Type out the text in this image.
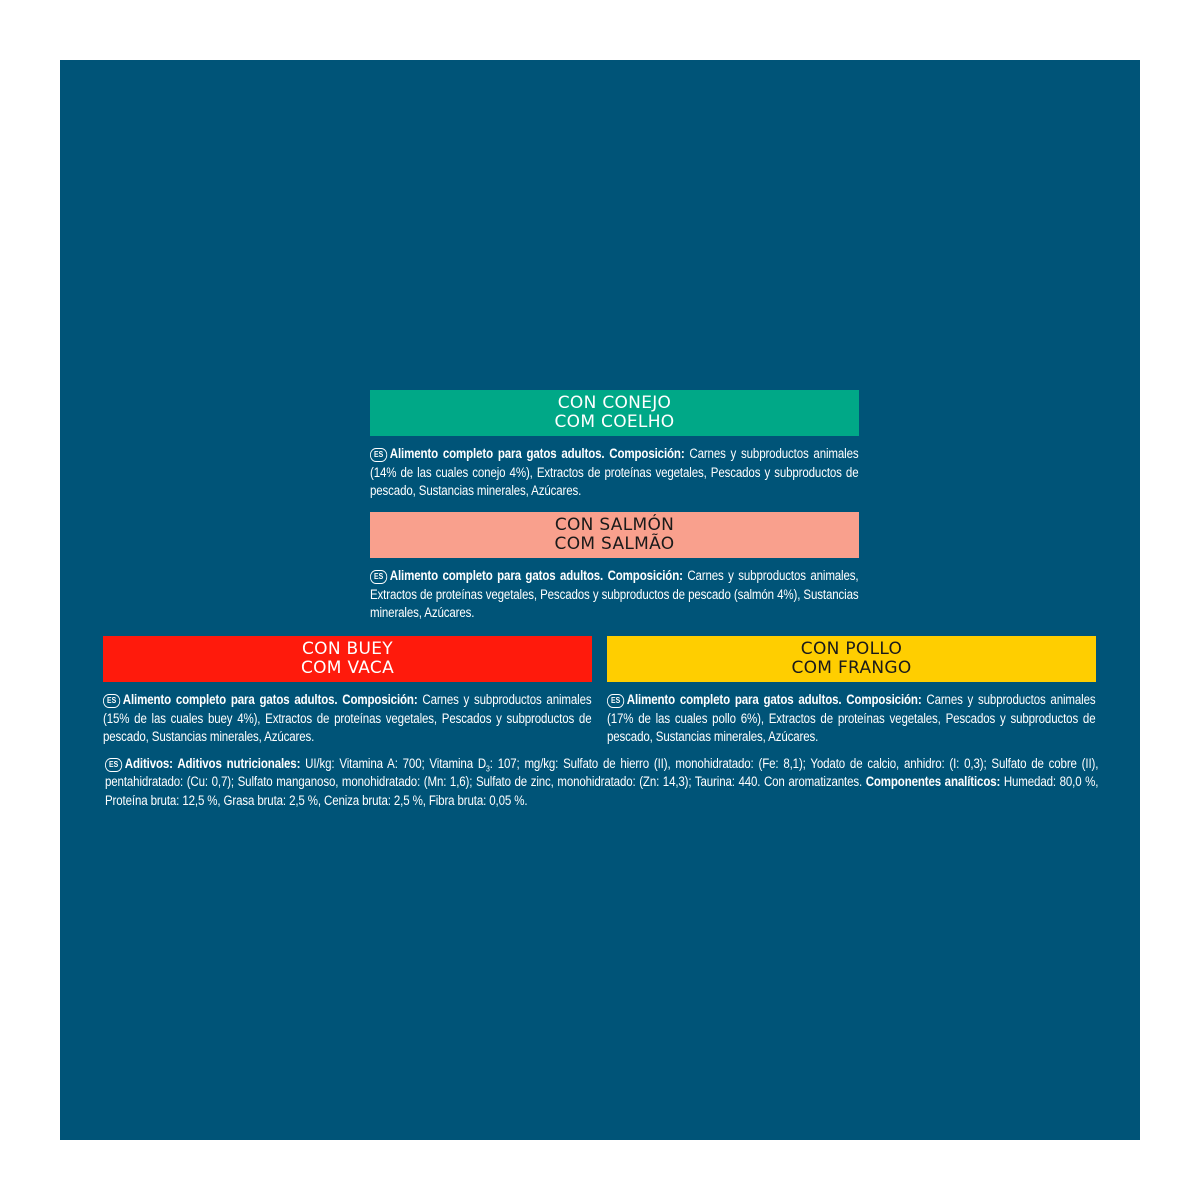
CON CONEJO
COM COELHO
ES Alimento completo para gatos adultos. Composición: Carnes y subproductos animales (14% de las cuales conejo 4%), Extractos de proteínas vegetales, Pescados y subproductos de pescado, Sustancias minerales, Azúcares.
CON SALMÓN
COM SALMÃO
ES Alimento completo para gatos adultos. Composición: Carnes y subproductos animales, Extractos de proteínas vegetales, Pescados y subproductos de pescado (salmón 4%), Sustancias minerales, Azúcares.
CON BUEY
COM VACA
ES Alimento completo para gatos adultos. Composición: Carnes y subproductos animales (15% de las cuales buey 4%), Extractos de proteínas vegetales, Pescados y subproductos de pescado, Sustancias minerales, Azúcares.
CON POLLO
COM FRANGO
ES Alimento completo para gatos adultos. Composición: Carnes y subproductos animales (17% de las cuales pollo 6%), Extractos de proteínas vegetales, Pescados y subproductos de pescado, Sustancias minerales, Azúcares.
ES Aditivos: Aditivos nutricionales: UI/kg: Vitamina A: 700; Vitamina $D_3$: 107; mg/kg: Sulfato de hierro (II), monohidratado: (Fe: 8,1); Yodato de calcio, anhidro: (I: 0,3); Sulfato de cobre (II), pentahidratado: (Cu: 0,7); Sulfato manganoso, monohidratado: (Mn: 1,6); Sulfato de zinc, monohidratado: (Zn: 14,3); Taurina: 440. Con aromatizantes. Componentes analíticos: Humedad: 80,0 %, Proteína bruta: 12,5 %, Grasa bruta: 2,5 %, Ceniza bruta: 2,5 %, Fibra bruta: 0,05 %.
